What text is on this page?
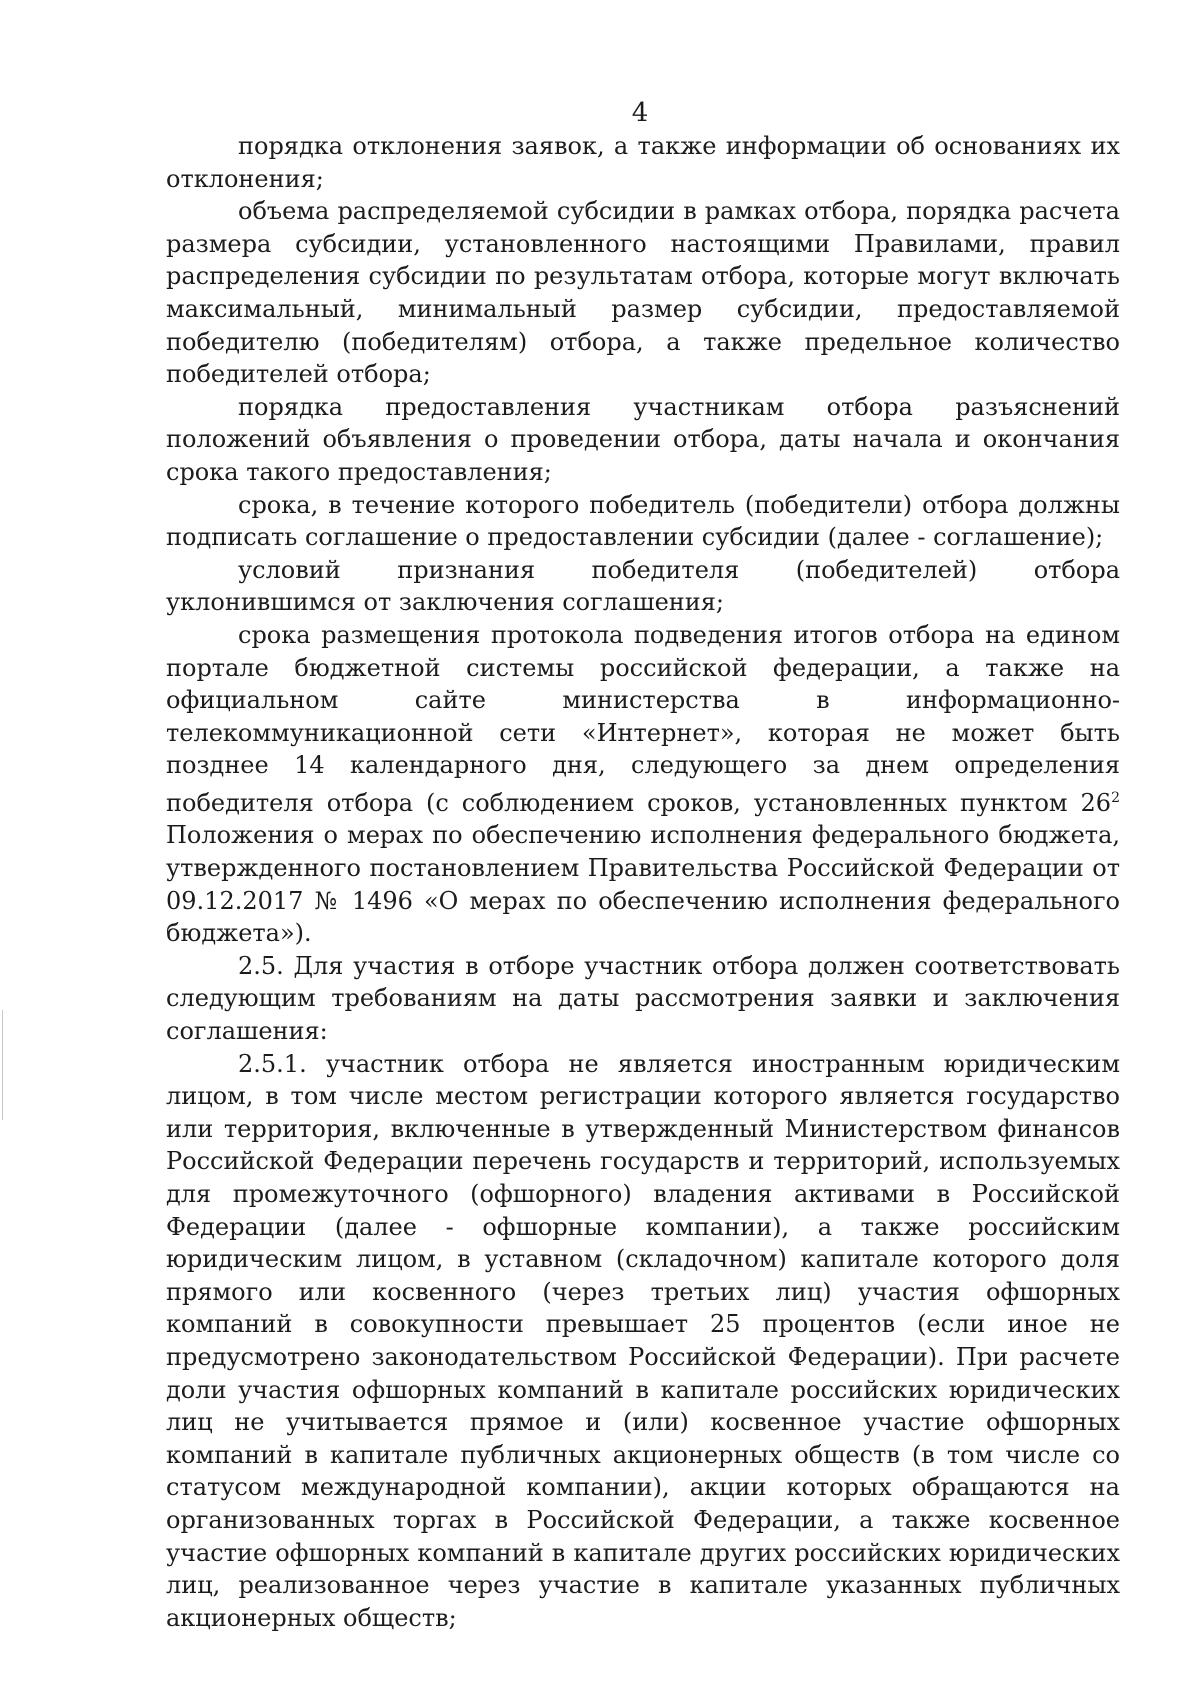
4

порядка отклонения заявок, а также информации об основаниях их отклонения;

объема распределяемой субсидии в рамках отбора, порядка расчета размера субсидии, установленного настоящими Правилами, правил распределения субсидии по результатам отбора, которые могут включать максимальный, минимальный размер субсидии, предоставляемой победителю (победителям) отбора, а также предельное количество победителей отбора;

порядка предоставления участникам отбора разъяснений положений объявления о проведении отбора, даты начала и окончания срока такого предоставления;

срока, в течение которого победитель (победители) отбора должны подписать соглашение о предоставлении субсидии (далее - соглашение);

условий признания победителя (победителей) отбора уклонившимся от заключения соглашения;

срока размещения протокола подведения итогов отбора на едином портале бюджетной системы российской федерации, а также на официальном сайте министерства в информационно-телекоммуникационной сети «Интернет», которая не может быть позднее 14 календарного дня, следующего за днем определения победителя отбора (с соблюдением сроков, установленных пунктом $26^2$ Положения о мерах по обеспечению исполнения федерального бюджета, утвержденного постановлением Правительства Российской Федерации от 09.12.2017 № 1496 «О мерах по обеспечению исполнения федерального бюджета»).

2.5. Для участия в отборе участник отбора должен соответствовать следующим требованиям на даты рассмотрения заявки и заключения соглашения:

2.5.1. участник отбора не является иностранным юридическим лицом, в том числе местом регистрации которого является государство или территория, включенные в утвержденный Министерством финансов Российской Федерации перечень государств и территорий, используемых для промежуточного (офшорного) владения активами в Российской Федерации (далее - офшорные компании), а также российским юридическим лицом, в уставном (складочном) капитале которого доля прямого или косвенного (через третьих лиц) участия офшорных компаний в совокупности превышает 25 процентов (если иное не предусмотрено законодательством Российской Федерации). При расчете доли участия офшорных компаний в капитале российских юридических лиц не учитывается прямое и (или) косвенное участие офшорных компаний в капитале публичных акционерных обществ (в том числе со статусом международной компании), акции которых обращаются на организованных торгах в Российской Федерации, а также косвенное участие офшорных компаний в капитале других российских юридических лиц, реализованное через участие в капитале указанных публичных акционерных обществ;
